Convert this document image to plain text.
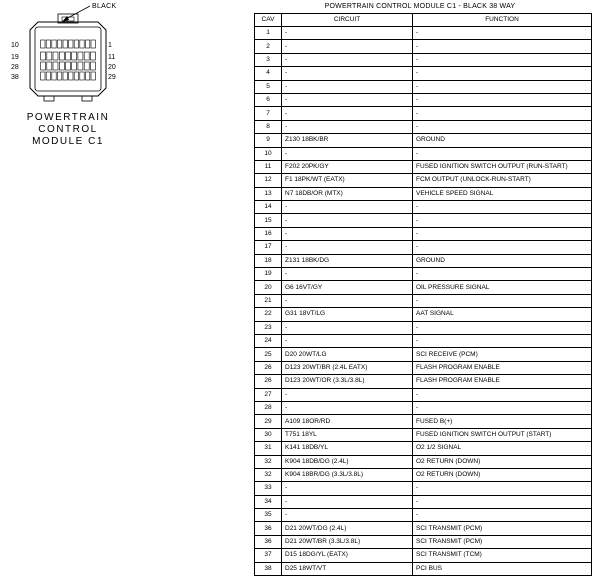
BLACK
10
19
28
38
1
11
20
29
POWERTRAIN
CONTROL
MODULE C1
POWERTRAIN CONTROL MODULE C1 - BLACK 38 WAY
CAV	CIRCUIT	FUNCTION
1	-	-
2	-	-
3	-	-
4	-	-
5	-	-
6	-	-
7	-	-
8	-	-
9	Z130 18BK/BR	GROUND
10	-	-
11	F202 20PK/GY	FUSED IGNITION SWITCH OUTPUT (RUN-START)
12	F1 18PK/WT (EATX)	FCM OUTPUT (UNLOCK-RUN-START)
13	N7 18DB/OR (MTX)	VEHICLE SPEED SIGNAL
14	-	-
15	-	-
16	-	-
17	-	-
18	Z131 18BK/DG	GROUND
19	-	-
20	G6 16VT/GY	OIL PRESSURE SIGNAL
21	-	-
22	G31 18VT/LG	AAT SIGNAL
23	-	-
24	-	-
25	D20 20WT/LG	SCI RECEIVE (PCM)
26	D123 20WT/BR (2.4L EATX)	FLASH PROGRAM ENABLE
26	D123 20WT/OR (3.3L/3.8L)	FLASH PROGRAM ENABLE
27	-	-
28	-	-
29	A109 18OR/RD	FUSED B(+)
30	T751 18YL	FUSED IGNITION SWITCH OUTPUT (START)
31	K141 18DB/YL	O2 1/2 SIGNAL
32	K904 18DB/DG (2.4L)	O2 RETURN (DOWN)
32	K904 18BR/DG (3.3L/3.8L)	O2 RETURN (DOWN)
33	-	-
34	-	-
35	-	-
36	D21 20WT/DG (2.4L)	SCI TRANSMIT (PCM)
36	D21 20WT/BR (3.3L/3.8L)	SCI TRANSMIT (PCM)
37	D15 18DG/YL (EATX)	SCI TRANSMIT (TCM)
38	D25 18WT/VT	PCI BUS
